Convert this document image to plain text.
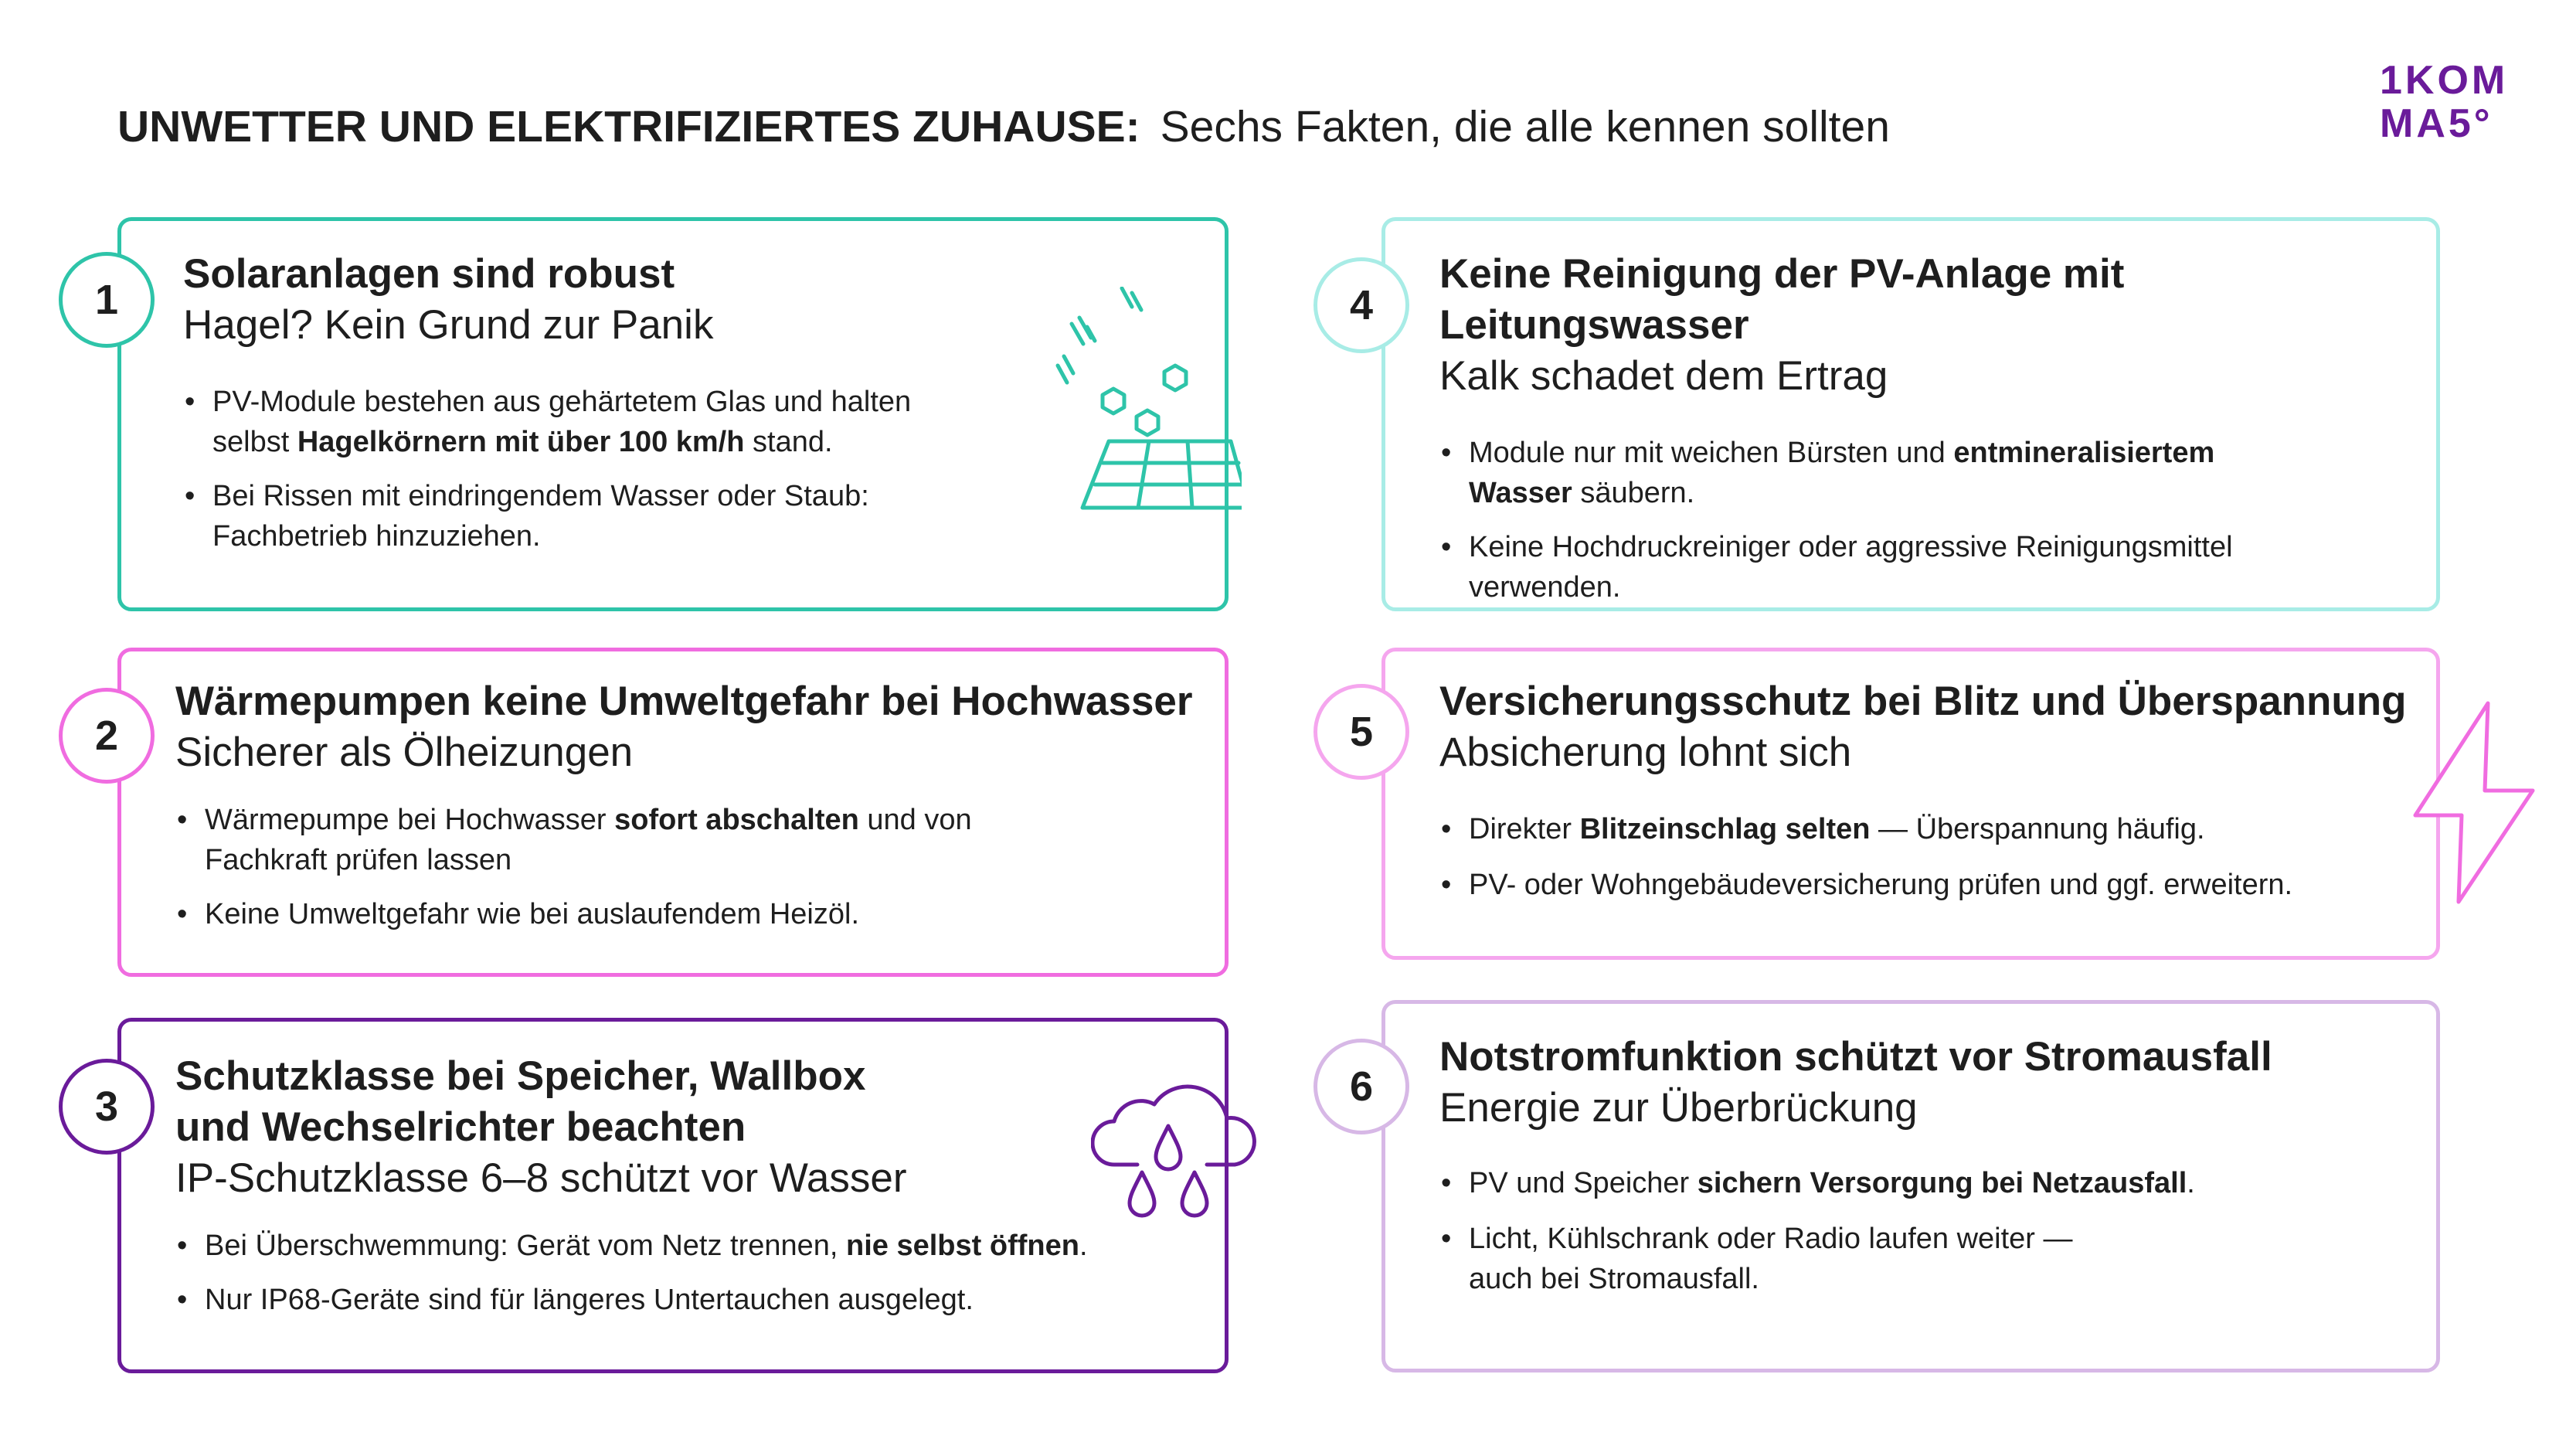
UNWETTER UND ELEKTRIFIZIERTES ZUHAUSE: Sechs Fakten, die alle kennen sollten
1KOM
MA5°
Solaranlagen sind robust
Hagel? Kein Grund zur Panik
• PV-Module bestehen aus gehärtetem Glas und halten selbst Hagelkörnern mit über 100 km/h stand.
• Bei Rissen mit eindringendem Wasser oder Staub: Fachbetrieb hinzuziehen.
1
Wärmepumpen keine Umweltgefahr bei Hochwasser
Sicherer als Ölheizungen
• Wärmepumpe bei Hochwasser sofort abschalten und von Fachkraft prüfen lassen
• Keine Umweltgefahr wie bei auslaufendem Heizöl.
2
Schutzklasse bei Speicher, Wallbox und Wechselrichter beachten
IP-Schutzklasse 6–8 schützt vor Wasser
• Bei Überschwemmung: Gerät vom Netz trennen, nie selbst öffnen.
• Nur IP68-Geräte sind für längeres Untertauchen ausgelegt.
3
Keine Reinigung der PV-Anlage mit Leitungswasser
Kalk schadet dem Ertrag
• Module nur mit weichen Bürsten und entmineralisiertem Wasser säubern.
• Keine Hochdruckreiniger oder aggressive Reinigungsmittel verwenden.
4
Versicherungsschutz bei Blitz und Überspannung
Absicherung lohnt sich
• Direkter Blitzeinschlag selten — Überspannung häufig.
• PV- oder Wohngebäudeversicherung prüfen und ggf. erweitern.
5
Notstromfunktion schützt vor Stromausfall
Energie zur Überbrückung
• PV und Speicher sichern Versorgung bei Netzausfall.
• Licht, Kühlschrank oder Radio laufen weiter — auch bei Stromausfall.
6
